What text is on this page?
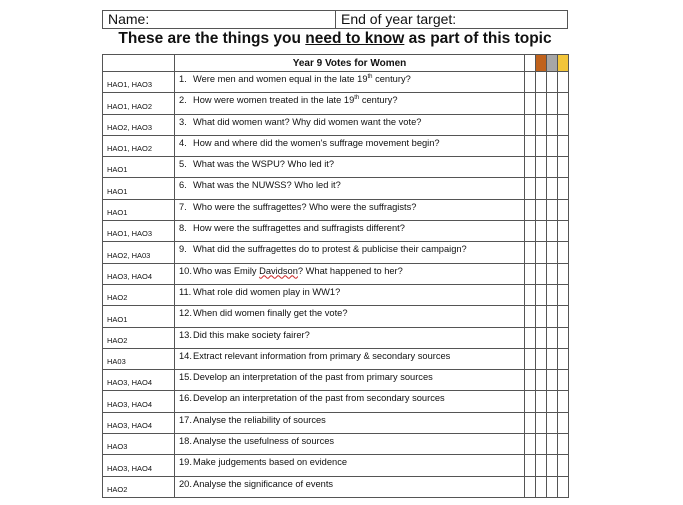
Name:	End of year target:
These are the things you need to know as part of this topic
	Year 9 Votes for Women				
HAO1, HAO3	1. Were men and women equal in the late 19th century?				
HAO1, HAO2	2. How were women treated in the late 19th century?				
HAO2, HAO3	3. What did women want? Why did women want the vote?				
HAO1, HAO2	4. How and where did the women's suffrage movement begin?				
HAO1	5. What was the WSPU? Who led it?				
HAO1	6. What was the NUWSS? Who led it?				
HAO1	7. Who were the suffragettes? Who were the suffragists?				
HAO1, HAO3	8. How were the suffragettes and suffragists different?				
HAO2, HA03	9. What did the suffragettes do to protest & publicise their campaign?				
HAO3, HAO4	10.Who was Emily Davidson? What happened to her?				
HAO2	11. What role did women play in WW1?				
HAO1	12.When did women finally get the vote?				
HAO2	13.Did this make society fairer?				
HA03	14.Extract relevant information from primary & secondary sources				
HAO3, HAO4	15.Develop an interpretation of the past from primary sources				
HAO3, HAO4	16.Develop an interpretation of the past from secondary sources				
HAO3, HAO4	17.Analyse the reliability of sources				
HAO3	18.Analyse the usefulness of sources				
HAO3, HAO4	19.Make judgements based on evidence				
HAO2	20.Analyse the significance of events				
